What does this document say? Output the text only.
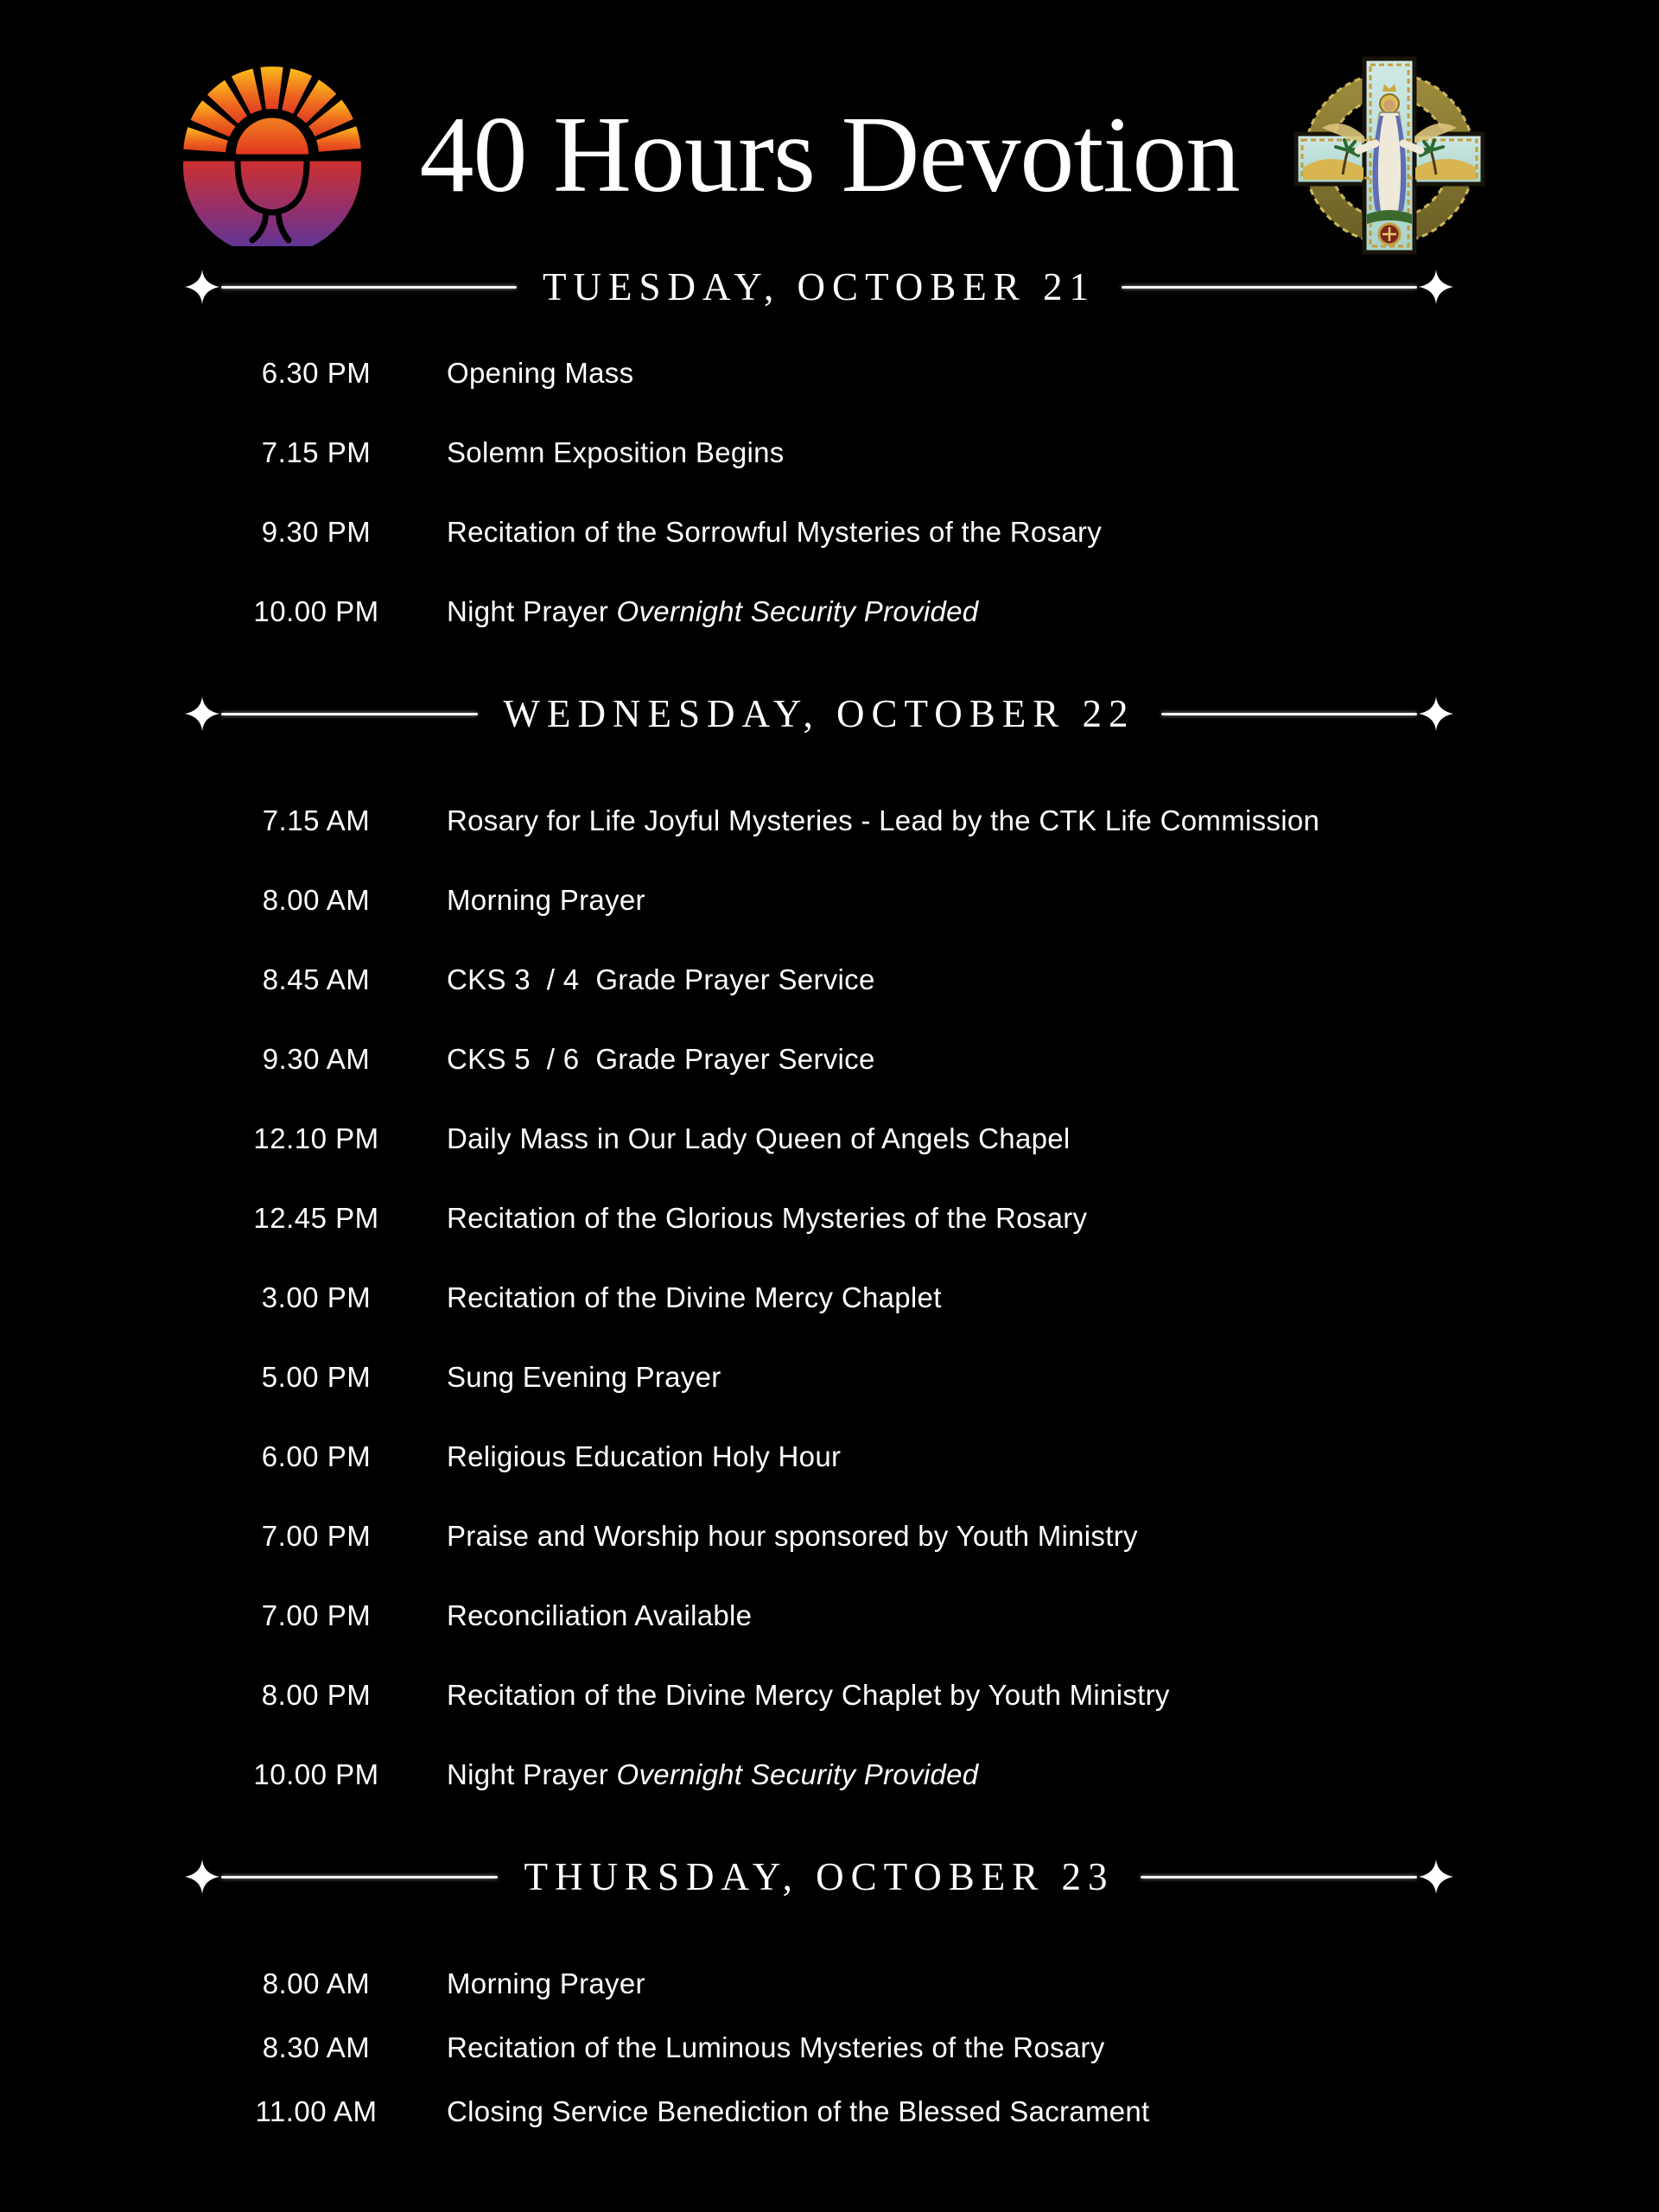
40 Hours Devotion
TUESDAY, OCTOBER 21
6.30 PM	Opening Mass
7.15 PM	Solemn Exposition Begins
9.30 PM	Recitation of the Sorrowful Mysteries of the Rosary
10.00 PM	Night Prayer Overnight Security Provided
WEDNESDAY, OCTOBER 22
7.15 AM	Rosary for Life Joyful Mysteries - Lead by the CTK Life Commission
8.00 AM	Morning Prayer
8.45 AM	CKS 3  / 4  Grade Prayer Service
9.30 AM	CKS 5  / 6  Grade Prayer Service
12.10 PM	Daily Mass in Our Lady Queen of Angels Chapel
12.45 PM	Recitation of the Glorious Mysteries of the Rosary
3.00 PM	Recitation of the Divine Mercy Chaplet
5.00 PM	Sung Evening Prayer
6.00 PM	Religious Education Holy Hour
7.00 PM	Praise and Worship hour sponsored by Youth Ministry
7.00 PM	Reconciliation Available
8.00 PM	Recitation of the Divine Mercy Chaplet by Youth Ministry
10.00 PM	Night Prayer Overnight Security Provided
THURSDAY, OCTOBER 23
8.00 AM	Morning Prayer
8.30 AM	Recitation of the Luminous Mysteries of the Rosary
11.00 AM	Closing Service Benediction of the Blessed Sacrament
